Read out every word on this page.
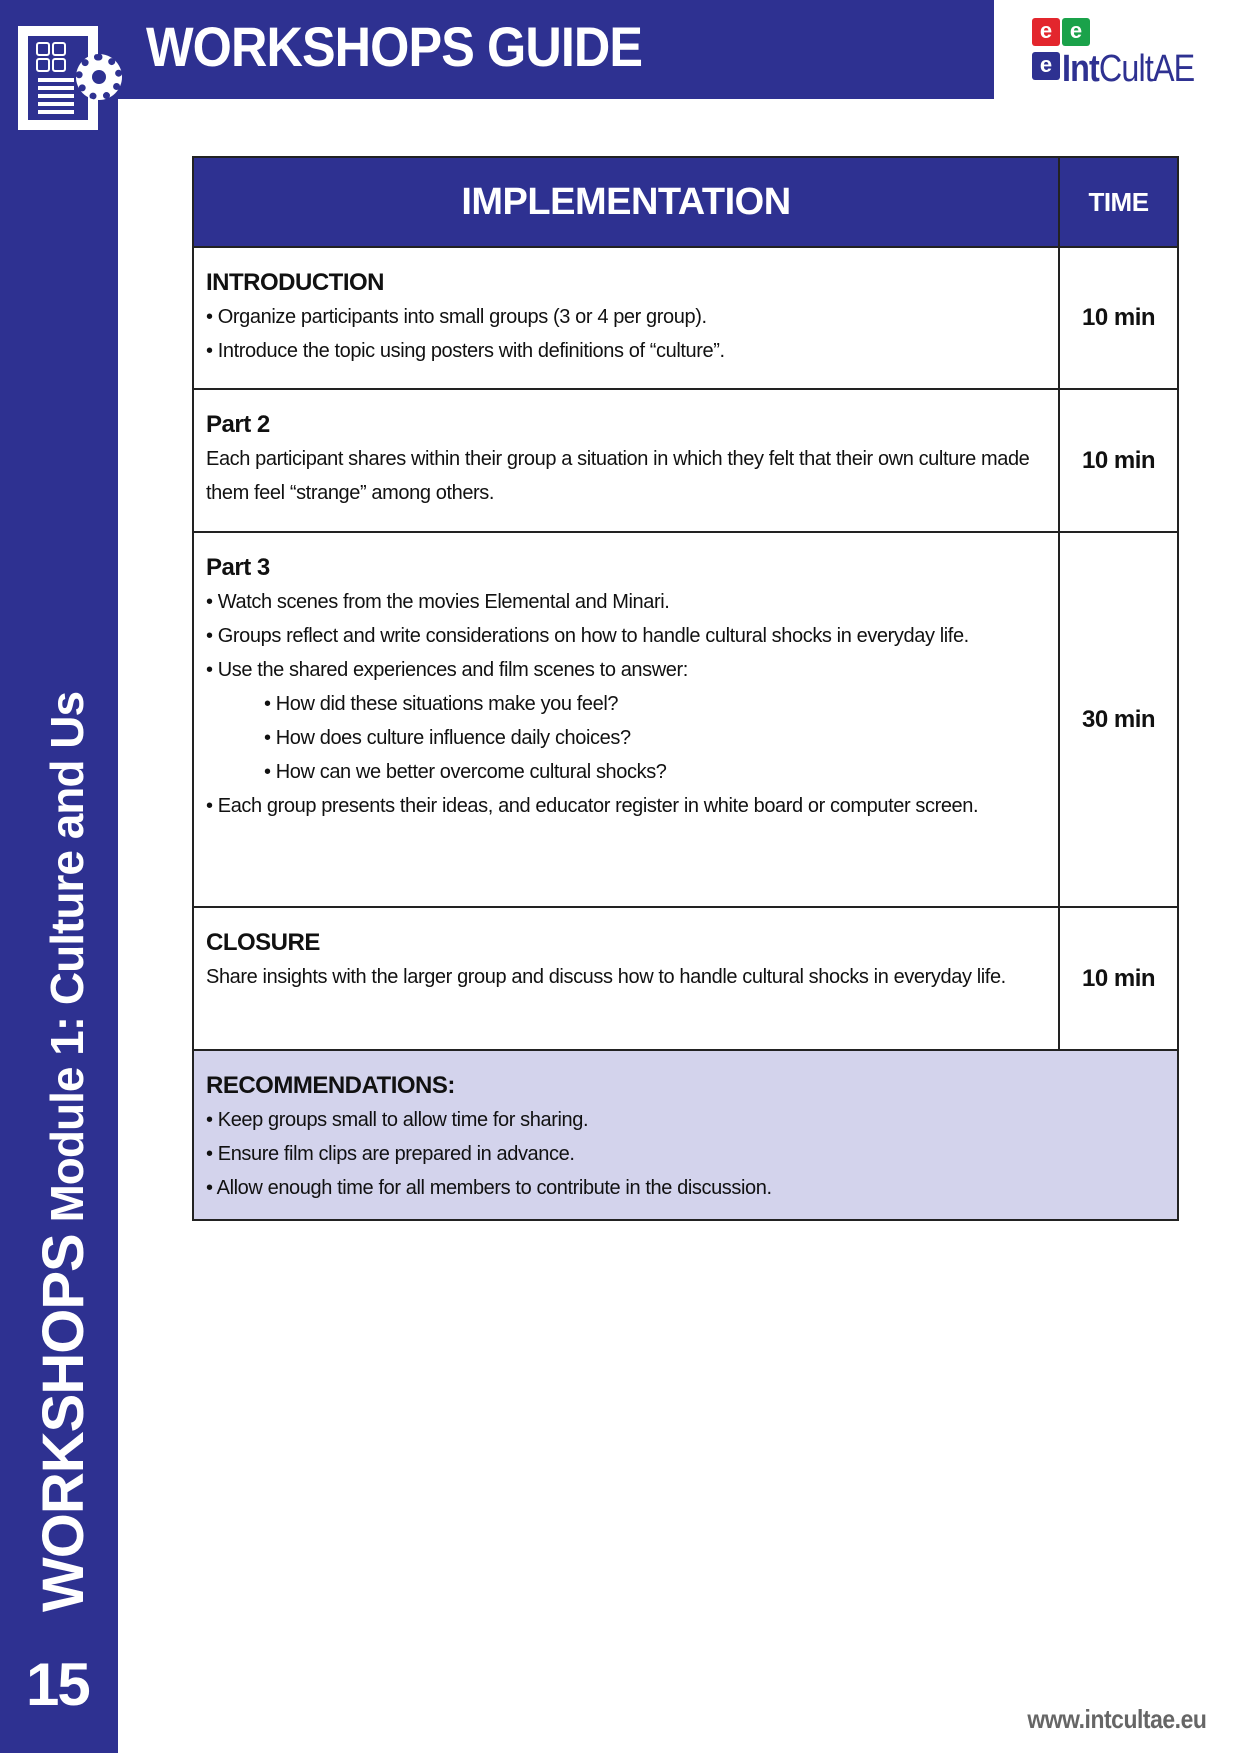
WORKSHOPS GUIDE	e e
e IntCultAE
IMPLEMENTATION	TIME
INTRODUCTION
• Organize participants into small groups (3 or 4 per group).
• Introduce the topic using posters with definitions of “culture”.
10 min
Part 2
Each participant shares within their group a situation in which they felt that their own culture made them feel “strange” among others.
10 min
Part 3
• Watch scenes from the movies Elemental and Minari.
• Groups reflect and write considerations on how to handle cultural shocks in everyday life.
• Use the shared experiences and film scenes to answer:
• How did these situations make you feel?
• How does culture influence daily choices?
• How can we better overcome cultural shocks?
• Each group presents their ideas, and educator register in white board or computer screen.
30 min
CLOSURE
Share insights with the larger group and discuss how to handle cultural shocks in everyday life.	10 min
RECOMMENDATIONS:
• Keep groups small to allow time for sharing.
• Ensure film clips are prepared in advance.
• Allow enough time for all members to contribute in the discussion.
WORKSHOPS Module 1: Culture and Us
15
www.intcultae.eu
